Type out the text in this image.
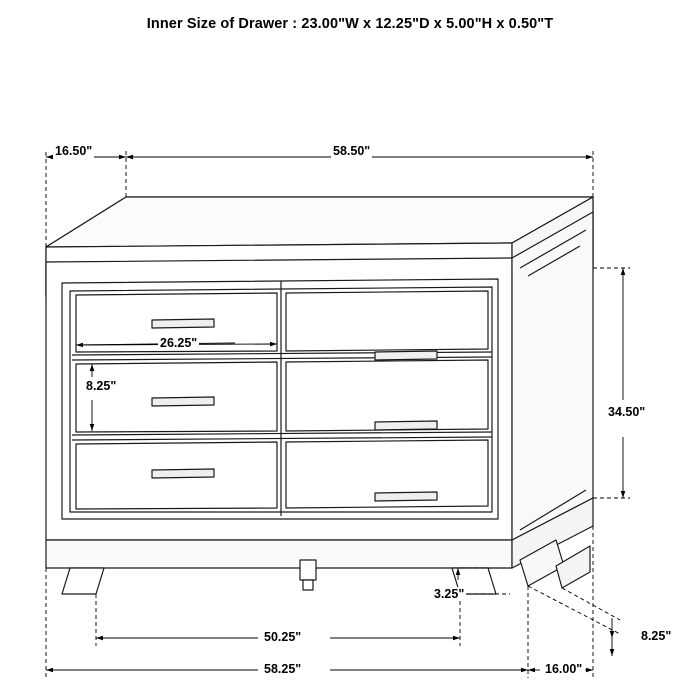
Inner Size of Drawer : 23.00"W x 12.25"D x 5.00"H x 0.50"T
16.50"	58.50"
34.50"
26.25"
8.25"
50.25"
58.25"
3.25"
8.25"
16.00"
